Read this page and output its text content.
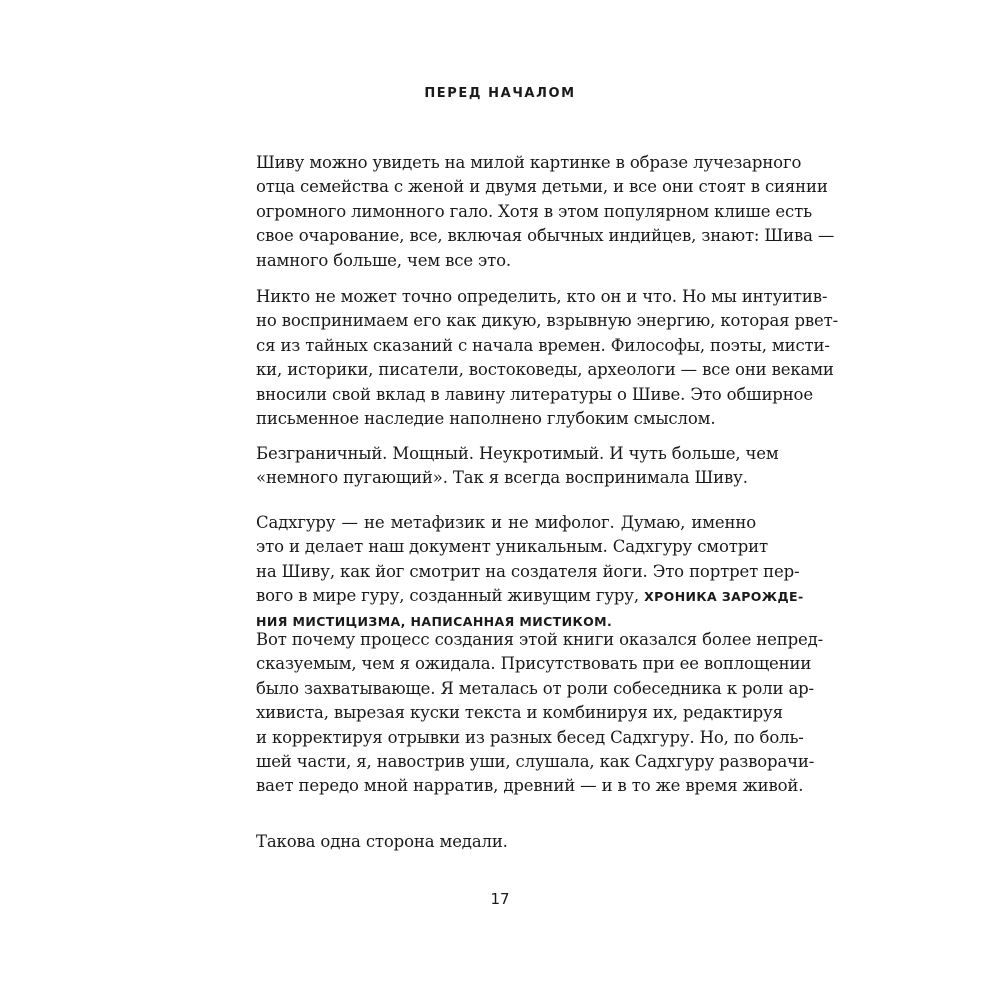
ПЕРЕД НАЧАЛОМ
Шиву можно увидеть на милой картинке в образе лучезарного
отца семейства с женой и двумя детьми, и все они стоят в сиянии
огромного лимонного гало. Хотя в этом популярном клише есть
свое очарование, все, включая обычных индийцев, знают: Шива —
намного больше, чем все это.
Никто не может точно определить, кто он и что. Но мы интуитив-
но воспринимаем его как дикую, взрывную энергию, которая рвет-
ся из тайных сказаний с начала времен. Философы, поэты, мисти-
ки, историки, писатели, востоковеды, археологи — все они веками
вносили свой вклад в лавину литературы о Шиве. Это обширное
письменное наследие наполнено глубоким смыслом.
Безграничный. Мощный. Неукротимый. И чуть больше, чем
«немного пугающий». Так я всегда воспринимала Шиву.
Садхгуру — не метафизик и не мифолог. Думаю, именно
это и делает наш документ уникальным. Садхгуру смотрит
на Шиву, как йог смотрит на создателя йоги. Это портрет пер-
вого в мире гуру, созданный живущим гуру, ХРОНИКА ЗАРОЖДЕ-
НИЯ МИСТИЦИЗМА, НАПИСАННАЯ МИСТИКОМ.
Вот почему процесс создания этой книги оказался более непред-
сказуемым, чем я ожидала. Присутствовать при ее воплощении
было захватывающе. Я металась от роли собеседника к роли ар-
хивиста, вырезая куски текста и комбинируя их, редактируя
и корректируя отрывки из разных бесед Садхгуру. Но, по боль-
шей части, я, навострив уши, слушала, как Садхгуру разворачи-
вает передо мной нарратив, древний — и в то же время живой.
Такова одна сторона медали.
17
